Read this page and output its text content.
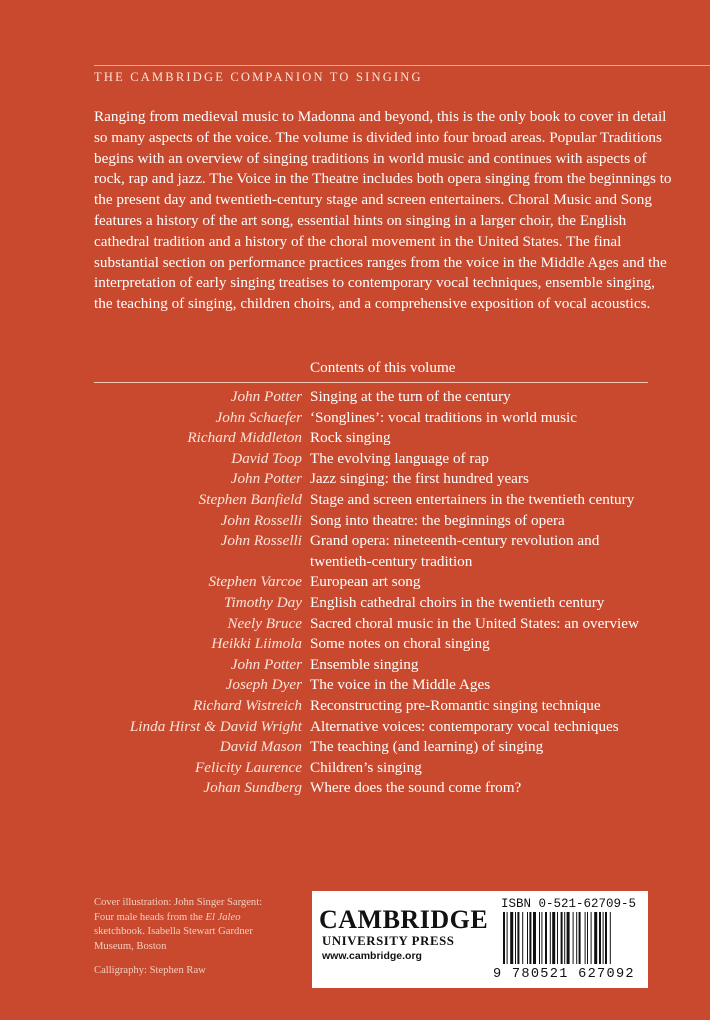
THE CAMBRIDGE COMPANION TO SINGING

Ranging from medieval music to Madonna and beyond, this is the only book to cover in detail so many aspects of the voice. The volume is divided into four broad areas. Popular Traditions begins with an overview of singing traditions in world music and continues with aspects of rock, rap and jazz. The Voice in the Theatre includes both opera singing from the beginnings to the present day and twentieth-century stage and screen entertainers. Choral Music and Song features a history of the art song, essential hints on singing in a larger choir, the English cathedral tradition and a history of the choral movement in the United States. The final substantial section on performance practices ranges from the voice in the Middle Ages and the interpretation of early singing treatises to contemporary vocal techniques, ensemble singing, the teaching of singing, children choirs, and a comprehensive exposition of vocal acoustics.

Contents of this volume
John Potter Singing at the turn of the century
John Schaefer ‘Songlines’: vocal traditions in world music
Richard Middleton Rock singing
David Toop The evolving language of rap
John Potter Jazz singing: the first hundred years
Stephen Banfield Stage and screen entertainers in the twentieth century
John Rosselli Song into theatre: the beginnings of opera
John Rosselli Grand opera: nineteenth-century revolution and twentieth-century tradition
Stephen Varcoe European art song
Timothy Day English cathedral choirs in the twentieth century
Neely Bruce Sacred choral music in the United States: an overview
Heikki Liimola Some notes on choral singing
John Potter Ensemble singing
Joseph Dyer The voice in the Middle Ages
Richard Wistreich Reconstructing pre-Romantic singing technique
Linda Hirst & David Wright Alternative voices: contemporary vocal techniques
David Mason The teaching (and learning) of singing
Felicity Laurence Children’s singing
Johan Sundberg Where does the sound come from?

Cover illustration: John Singer Sargent: Four male heads from the El Jaleo sketchbook. Isabella Stewart Gardner Museum, Boston

Calligraphy: Stephen Raw

CAMBRIDGE
UNIVERSITY PRESS
www.cambridge.org
ISBN 0-521-62709-5
9 780521 627092
